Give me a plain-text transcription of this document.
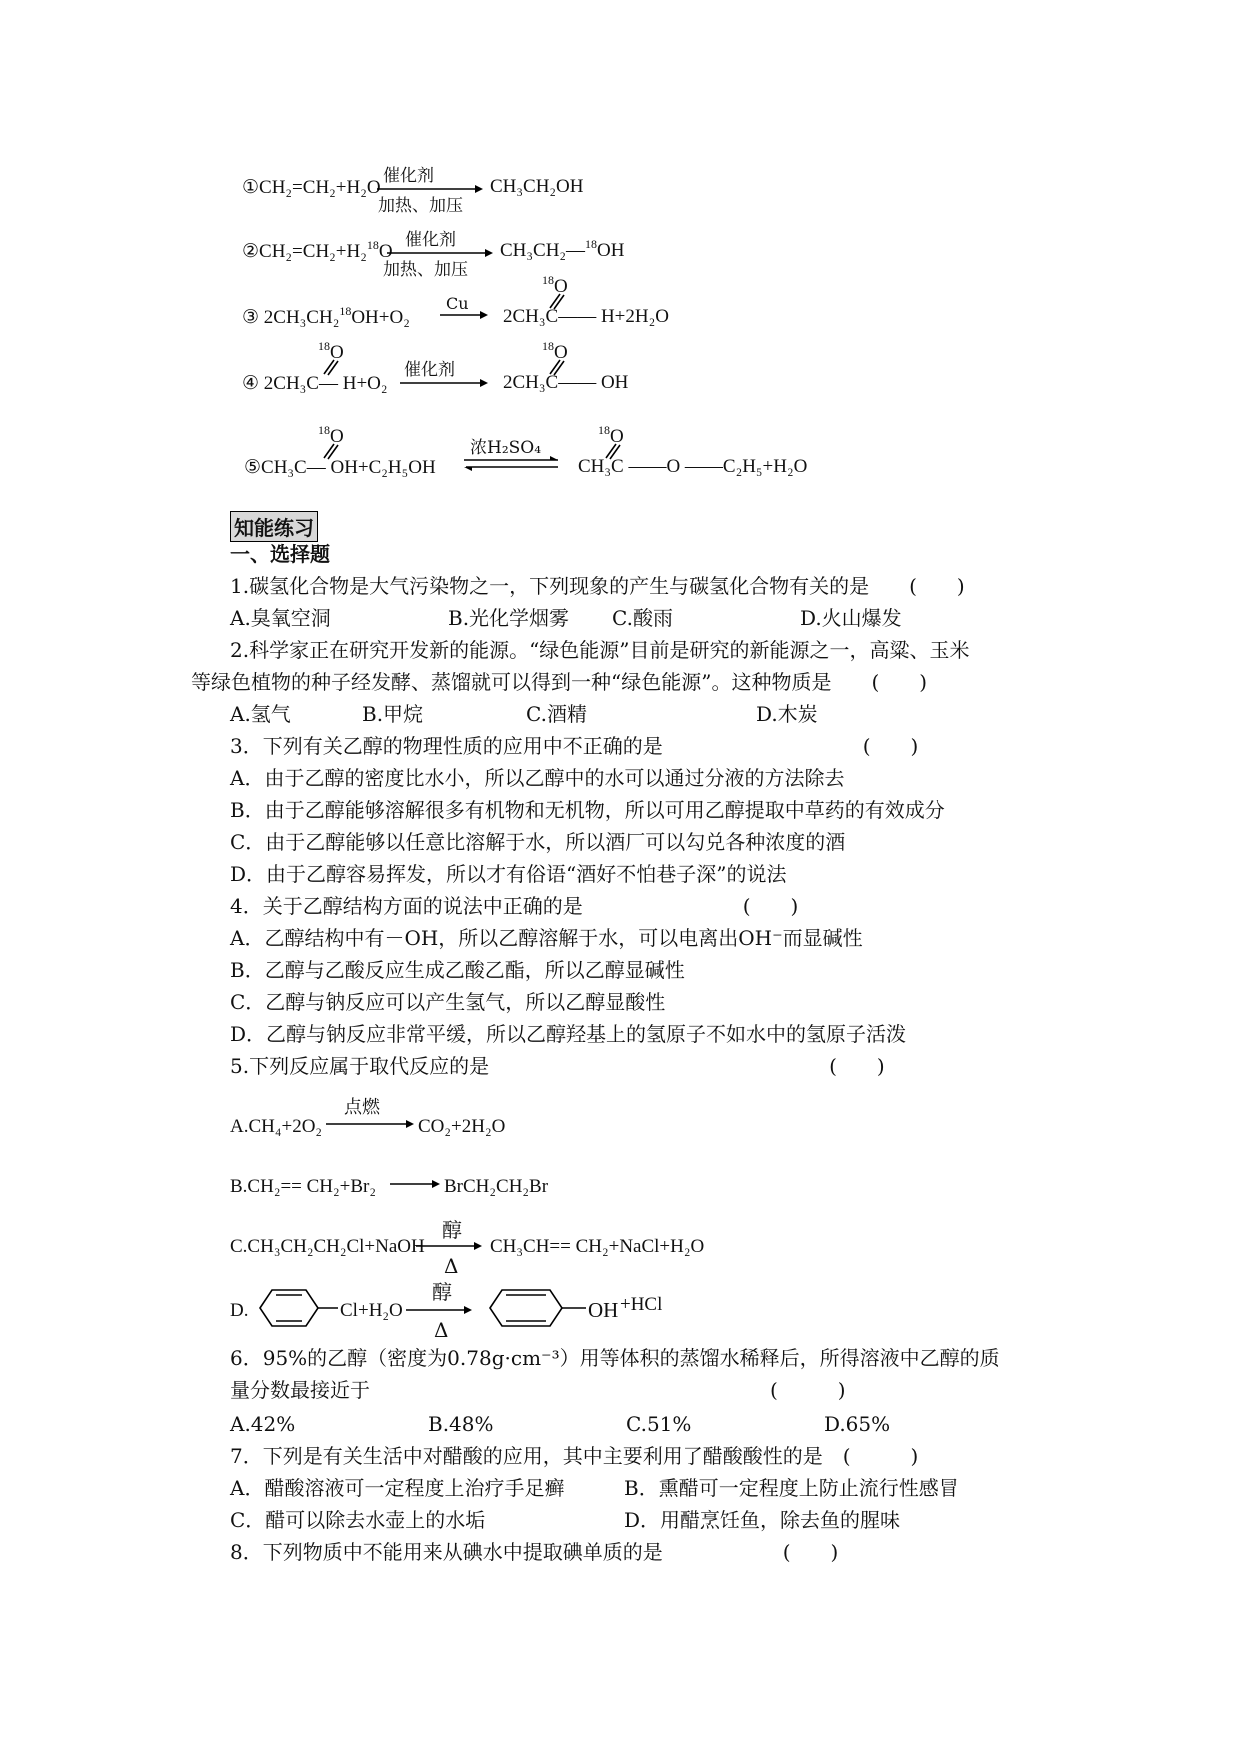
①CH₂=CH₂+H₂O
催化剂
加热、加压
CH₃CH₂OH
②CH₂=CH₂+H₂$^{18}$O
催化剂
加热、加压
CH₃CH₂—$^{18}$OH
$^{18}$O
③ 2CH₃CH₂$^{18}$OH+O₂
Cu
→ 2CH₃C—— H+2H₂O
$^{18}$O
④ 2CH₃C— H+O₂
催化剂
$^{18}$O
2CH₃C—— OH
$^{18}$O
⑤CH₃C— OH+C₂H₅OH
浓H₂SO₄
$^{18}$O
CH₃C ——O ——C₂H₅+H₂O
知能练习
一、选择题
1.碳氢化合物是大气污染物之一，下列现象的产生与碳氢化合物有关的是　　(　　)
A.臭氧空洞	B.光化学烟雾 C.酸雨	D.火山爆发
2.科学家正在研究开发新的能源。“绿色能源”目前是研究的新能源之一，高粱、玉米
等绿色植物的种子经发酵、蒸馏就可以得到一种“绿色能源”。这种物质是　　(　　)
A.氢气	B.甲烷	C.酒精	D.木炭
3．下列有关乙醇的物理性质的应用中不正确的是　　　　　　　　　　(　　)
A．由于乙醇的密度比水小，所以乙醇中的水可以通过分液的方法除去
B．由于乙醇能够溶解很多有机物和无机物，所以可用乙醇提取中草药的有效成分
C．由于乙醇能够以任意比溶解于水，所以酒厂可以勾兑各种浓度的酒
D．由于乙醇容易挥发，所以才有俗语“酒好不怕巷子深”的说法
4．关于乙醇结构方面的说法中正确的是　　　　　　　　(　　)
A．乙醇结构中有－OH，所以乙醇溶解于水，可以电离出OH⁻而显碱性
B．乙醇与乙酸反应生成乙酸乙酯，所以乙醇显碱性
C．乙醇与钠反应可以产生氢气，所以乙醇显酸性
D．乙醇与钠反应非常平缓，所以乙醇羟基上的氢原子不如水中的氢原子活泼
5.下列反应属于取代反应的是　　　　　　　　　　　　　　　　　(　　)
A.CH₄+2O₂
点燃
CO₂+2H₂O
B.CH₂== CH₂+Br₂	BrCH₂CH₂Br
C.CH₃CH₂CH₂Cl+NaOH
醇
Δ
CH₃CH== CH₂+NaCl+H₂O
D.	Cl +H₂O
醇
Δ
OH +HCl
6．95%的乙醇（密度为0.78g·cm⁻³）用等体积的蒸馏水稀释后，所得溶液中乙醇的质
量分数最接近于　　　　　　　　　　　　　　　　　　　　(　　　)
A.42%	B.48%	C.51%	D.65%
7．下列是有关生活中对醋酸的应用，其中主要利用了醋酸酸性的是　(　　　)
A．醋酸溶液可一定程度上治疗手足癣	B．熏醋可一定程度上防止流行性感冒
C．醋可以除去水壶上的水垢	D．用醋烹饪鱼，除去鱼的腥味
8．下列物质中不能用来从碘水中提取碘单质的是　　　　　　(　　)
